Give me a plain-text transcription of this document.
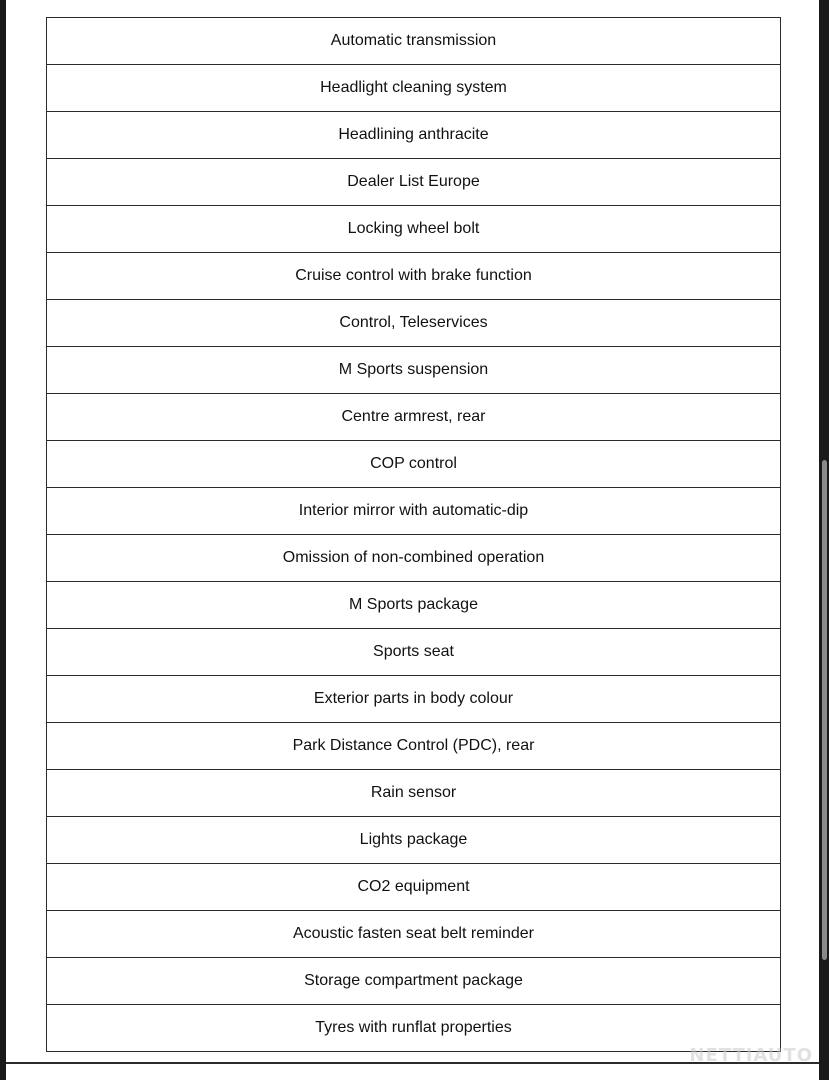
Automatic transmission
Headlight cleaning system
Headlining anthracite
Dealer List Europe
Locking wheel bolt
Cruise control with brake function
Control, Teleservices
M Sports suspension
Centre armrest, rear
COP control
Interior mirror with automatic-dip
Omission of non-combined operation
M Sports package
Sports seat
Exterior parts in body colour
Park Distance Control (PDC), rear
Rain sensor
Lights package
CO2 equipment
Acoustic fasten seat belt reminder
Storage compartment package
Tyres with runflat properties
NETTIAUTO
